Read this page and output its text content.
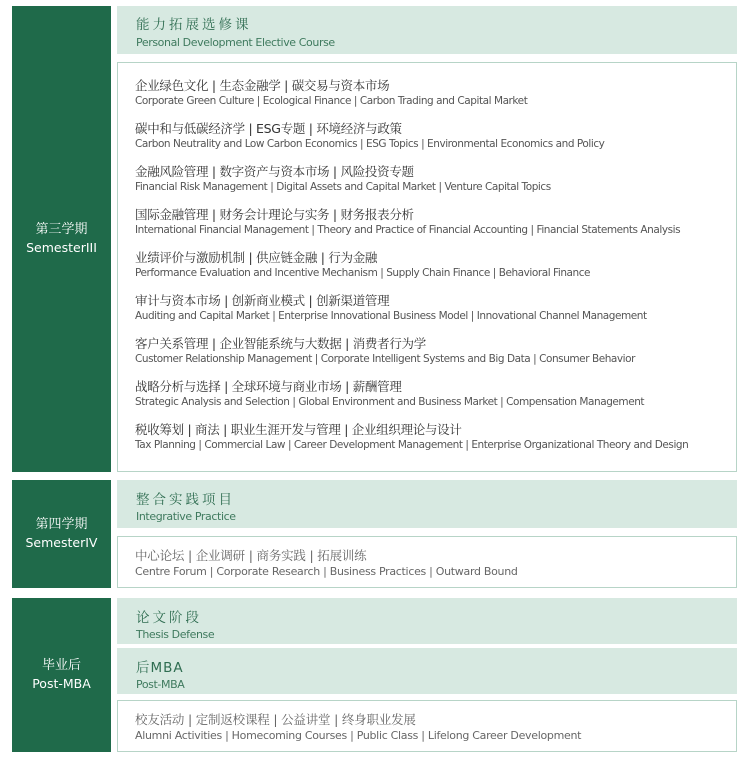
第三学期
SemesterIII
能力拓展选修课
Personal Development Elective Course
企业绿色文化 | 生态金融学 | 碳交易与资本市场
Corporate Green Culture | Ecological Finance | Carbon Trading and Capital Market
碳中和与低碳经济学 | ESG专题 | 环境经济与政策
Carbon Neutrality and Low Carbon Economics | ESG Topics | Environmental Economics and Policy
金融风险管理 | 数字资产与资本市场 | 风险投资专题
Financial Risk Management | Digital Assets and Capital Market | Venture Capital Topics
国际金融管理 | 财务会计理论与实务 | 财务报表分析
International Financial Management | Theory and Practice of Financial Accounting | Financial Statements Analysis
业绩评价与激励机制 | 供应链金融 | 行为金融
Performance Evaluation and Incentive Mechanism | Supply Chain Finance | Behavioral Finance
审计与资本市场 | 创新商业模式 | 创新渠道管理
Auditing and Capital Market | Enterprise Innovational Business Model | Innovational Channel Management
客户关系管理 | 企业智能系统与大数据 | 消费者行为学
Customer Relationship Management | Corporate Intelligent Systems and Big Data | Consumer Behavior
战略分析与选择 | 全球环境与商业市场 | 薪酬管理
Strategic Analysis and Selection | Global Environment and Business Market | Compensation Management
税收筹划 | 商法 | 职业生涯开发与管理 | 企业组织理论与设计
Tax Planning | Commercial Law | Career Development Management | Enterprise Organizational Theory and Design
第四学期
SemesterIV
整合实践项目
Integrative Practice
中心论坛 | 企业调研 | 商务实践 | 拓展训练
Centre Forum | Corporate Research | Business Practices | Outward Bound
毕业后
Post-MBA
论文阶段
Thesis Defense
后MBA
Post-MBA
校友活动 | 定制返校课程 | 公益讲堂 | 终身职业发展
Alumni Activities | Homecoming Courses | Public Class | Lifelong Career Development
